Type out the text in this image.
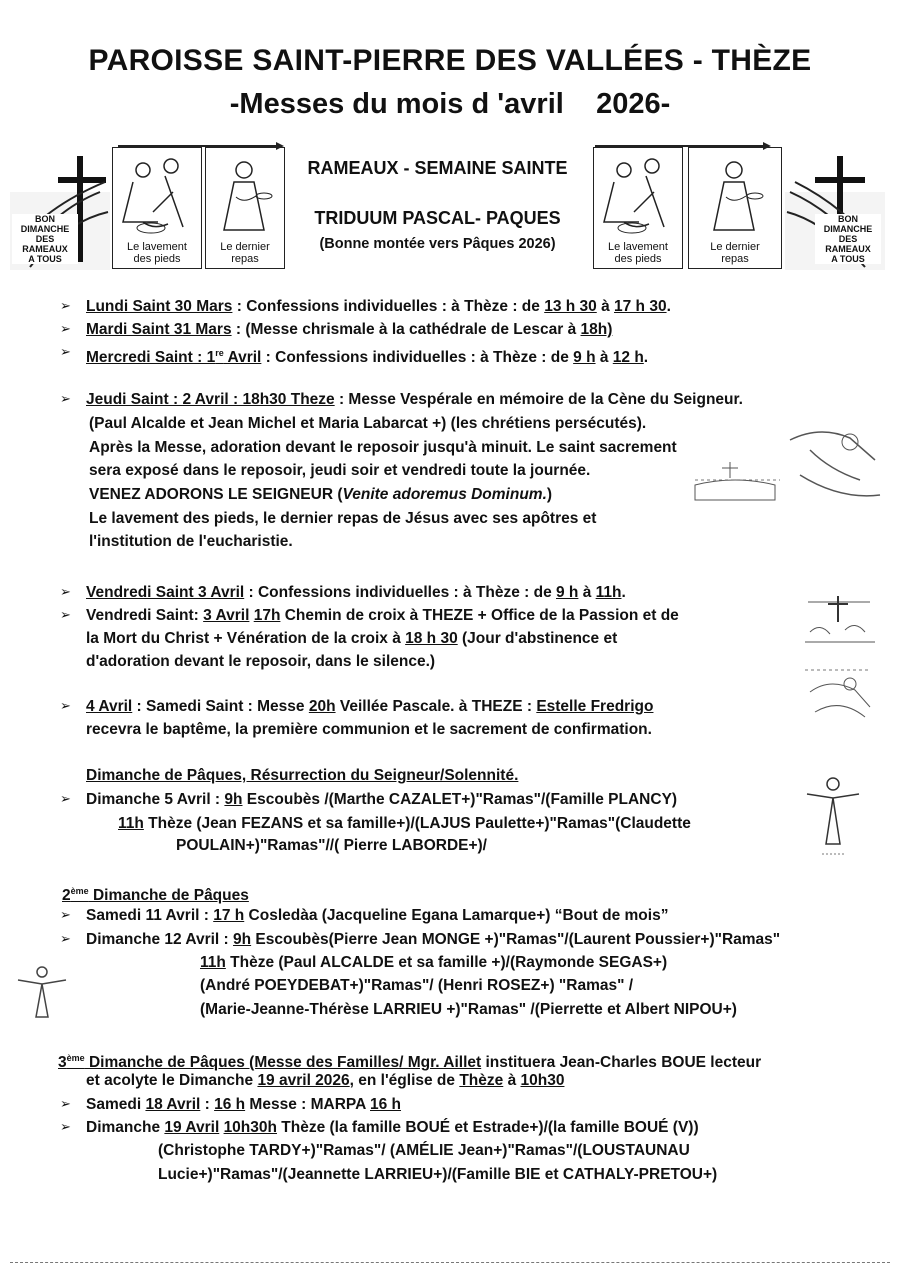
PAROISSE SAINT-PIERRE DES VALLÉES - THÈZE
-Messes du mois d 'avril 2026-
BON
DIMANCHE
DES
RAMEAUX
A TOUS
Le lavement
des pieds
Le dernier
repas
RAMEAUX - SEMAINE SAINTE
TRIDUUM PASCAL- PAQUES
(Bonne montée vers Pâques 2026)	Le lavement
des pieds
Le dernier
repas
BON
DIMANCHE
DES
RAMEAUX
A TOUS
➢ Lundi Saint 30 Mars : Confessions individuelles : à Thèze : de 13 h 30 à 17 h 30.
➢ Mardi Saint 31 Mars : (Messe chrismale à la cathédrale de Lescar à 18h)
➢ Mercredi Saint : 1re Avril : Confessions individuelles : à Thèze : de 9 h à 12 h.
➢ Jeudi Saint : 2 Avril : 18h30 Theze : Messe Vespérale en mémoire de la Cène du Seigneur.
(Paul Alcalde et Jean Michel et Maria Labarcat +) (les chrétiens persécutés).
Après la Messe, adoration devant le reposoir jusqu'à minuit. Le saint sacrement
sera exposé dans le reposoir, jeudi soir et vendredi toute la journée.
VENEZ ADORONS LE SEIGNEUR (Venite adoremus Dominum.)
Le lavement des pieds, le dernier repas de Jésus avec ses apôtres et
l'institution de l'eucharistie.
➢ Vendredi Saint 3 Avril : Confessions individuelles : à Thèze : de 9 h à 11h.
➢ Vendredi Saint: 3 Avril 17h Chemin de croix à THEZE + Office de la Passion et de
la Mort du Christ + Vénération de la croix à 18 h 30 (Jour d'abstinence et
d'adoration devant le reposoir, dans le silence.)
➢ 4 Avril : Samedi Saint : Messe 20h Veillée Pascale. à THEZE : Estelle Fredrigo
recevra le baptême, la première communion et le sacrement de confirmation.
Dimanche de Pâques, Résurrection du Seigneur/Solennité.
➢ Dimanche 5 Avril : 9h Escoubès /(Marthe CAZALET+)"Ramas"/(Famille PLANCY)
11h Thèze (Jean FEZANS et sa famille+)/(LAJUS Paulette+)"Ramas"(Claudette
POULAIN+)"Ramas"//( Pierre LABORDE+)/
2ème Dimanche de Pâques
➢ Samedi 11 Avril : 17 h Cosledàa (Jacqueline Egana Lamarque+) “Bout de mois”
➢ Dimanche 12 Avril : 9h Escoubès(Pierre Jean MONGE +)"Ramas"/(Laurent Poussier+)"Ramas"
11h Thèze (Paul ALCALDE et sa famille +)/(Raymonde SEGAS+)
(André POEYDEBAT+)"Ramas"/ (Henri ROSEZ+) "Ramas" /
(Marie-Jeanne-Thérèse LARRIEU +)"Ramas" /(Pierrette et Albert NIPOU+)
3ème Dimanche de Pâques (Messe des Familles/ Mgr. Aillet instituera Jean-Charles BOUE lecteur
et acolyte le Dimanche 19 avril 2026, en l'église de Thèze à 10h30
➢ Samedi 18 Avril : 16 h Messe : MARPA 16 h
➢ Dimanche 19 Avril 10h30h Thèze (la famille BOUÉ et Estrade+)/(la famille BOUÉ (V))
(Christophe TARDY+)"Ramas"/ (AMÉLIE Jean+)"Ramas"/(LOUSTAUNAU
Lucie+)"Ramas"/(Jeannette LARRIEU+)/(Famille BIE et CATHALY-PRETOU+)
